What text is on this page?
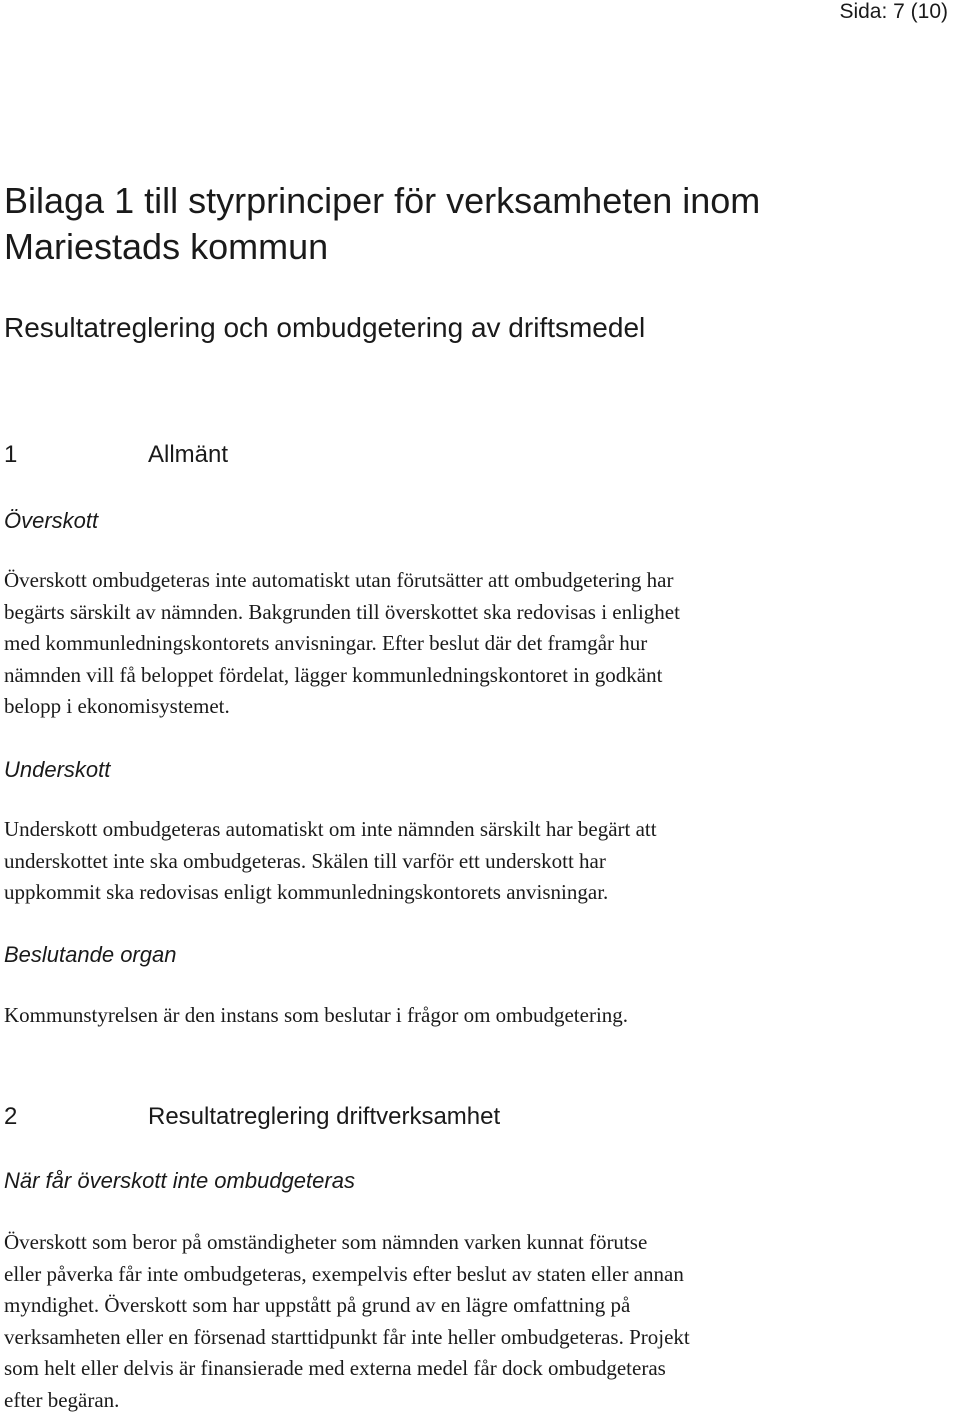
Sida: 7 (10)
Bilaga 1 till styrprinciper för verksamheten inom
Mariestads kommun
Resultatreglering och ombudgetering av driftsmedel
1	Allmänt
Överskott
Överskott ombudgeteras inte automatiskt utan förutsätter att ombudgetering har
begärts särskilt av nämnden. Bakgrunden till överskottet ska redovisas i enlighet
med kommunledningskontorets anvisningar. Efter beslut där det framgår hur
nämnden vill få beloppet fördelat, lägger kommunledningskontoret in godkänt
belopp i ekonomisystemet.
Underskott
Underskott ombudgeteras automatiskt om inte nämnden särskilt har begärt att
underskottet inte ska ombudgeteras. Skälen till varför ett underskott har
uppkommit ska redovisas enligt kommunledningskontorets anvisningar.
Beslutande organ
Kommunstyrelsen är den instans som beslutar i frågor om ombudgetering.
2	Resultatreglering driftverksamhet
När får överskott inte ombudgeteras
Överskott som beror på omständigheter som nämnden varken kunnat förutse
eller påverka får inte ombudgeteras, exempelvis efter beslut av staten eller annan
myndighet. Överskott som har uppstått på grund av en lägre omfattning på
verksamheten eller en försenad starttidpunkt får inte heller ombudgeteras. Projekt
som helt eller delvis är finansierade med externa medel får dock ombudgeteras
efter begäran.
